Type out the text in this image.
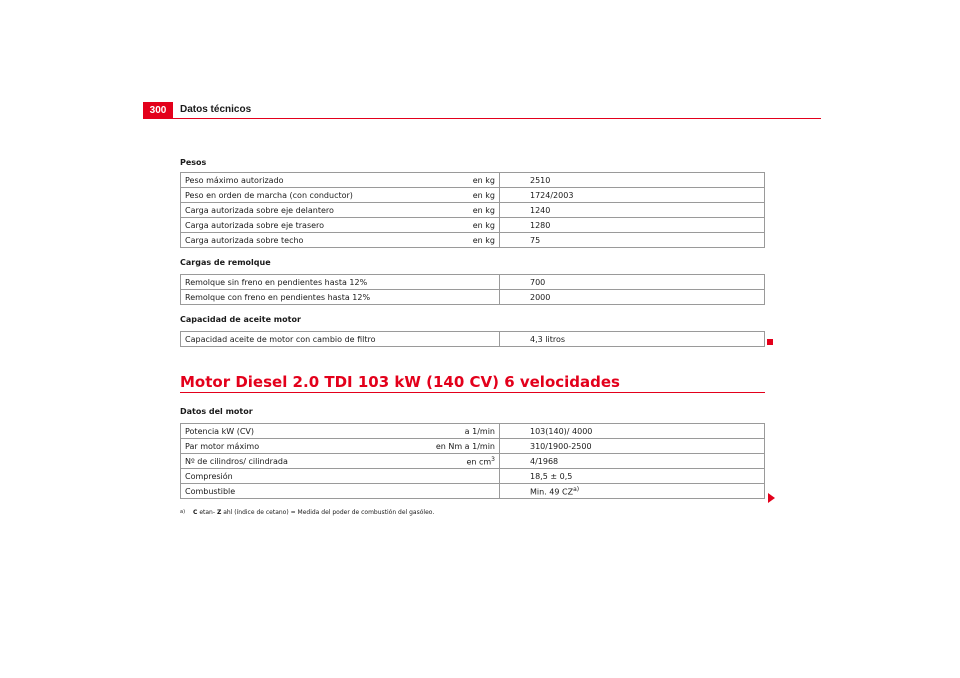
300	Datos técnicos
Pesos
Peso máximo autorizado	en kg	2510
Peso en orden de marcha (con conductor)	en kg	1724/2003
Carga autorizada sobre eje delantero	en kg	1240
Carga autorizada sobre eje trasero	en kg	1280
Carga autorizada sobre techo	en kg	75
Cargas de remolque
Remolque sin freno en pendientes hasta 12%		700
Remolque con freno en pendientes hasta 12%		2000
Capacidad de aceite motor
Capacidad aceite de motor con cambio de filtro		4,3 litros
Motor Diesel 2.0 TDI 103 kW (140 CV) 6 velocidades
Datos del motor
Potencia kW (CV)	a 1/min	103(140)/ 4000
Par motor máximo	en Nm a 1/min	310/1900-2500
Nº de cilindros/ cilindrada	en $cm^3$	4/1968
Compresión		18,5 ± 0,5
Combustible		Min. 49 CZ$^{a)}$
$^{a)}$ C etan- Z ahl (índice de cetano) = Medida del poder de combustión del gasóleo.
